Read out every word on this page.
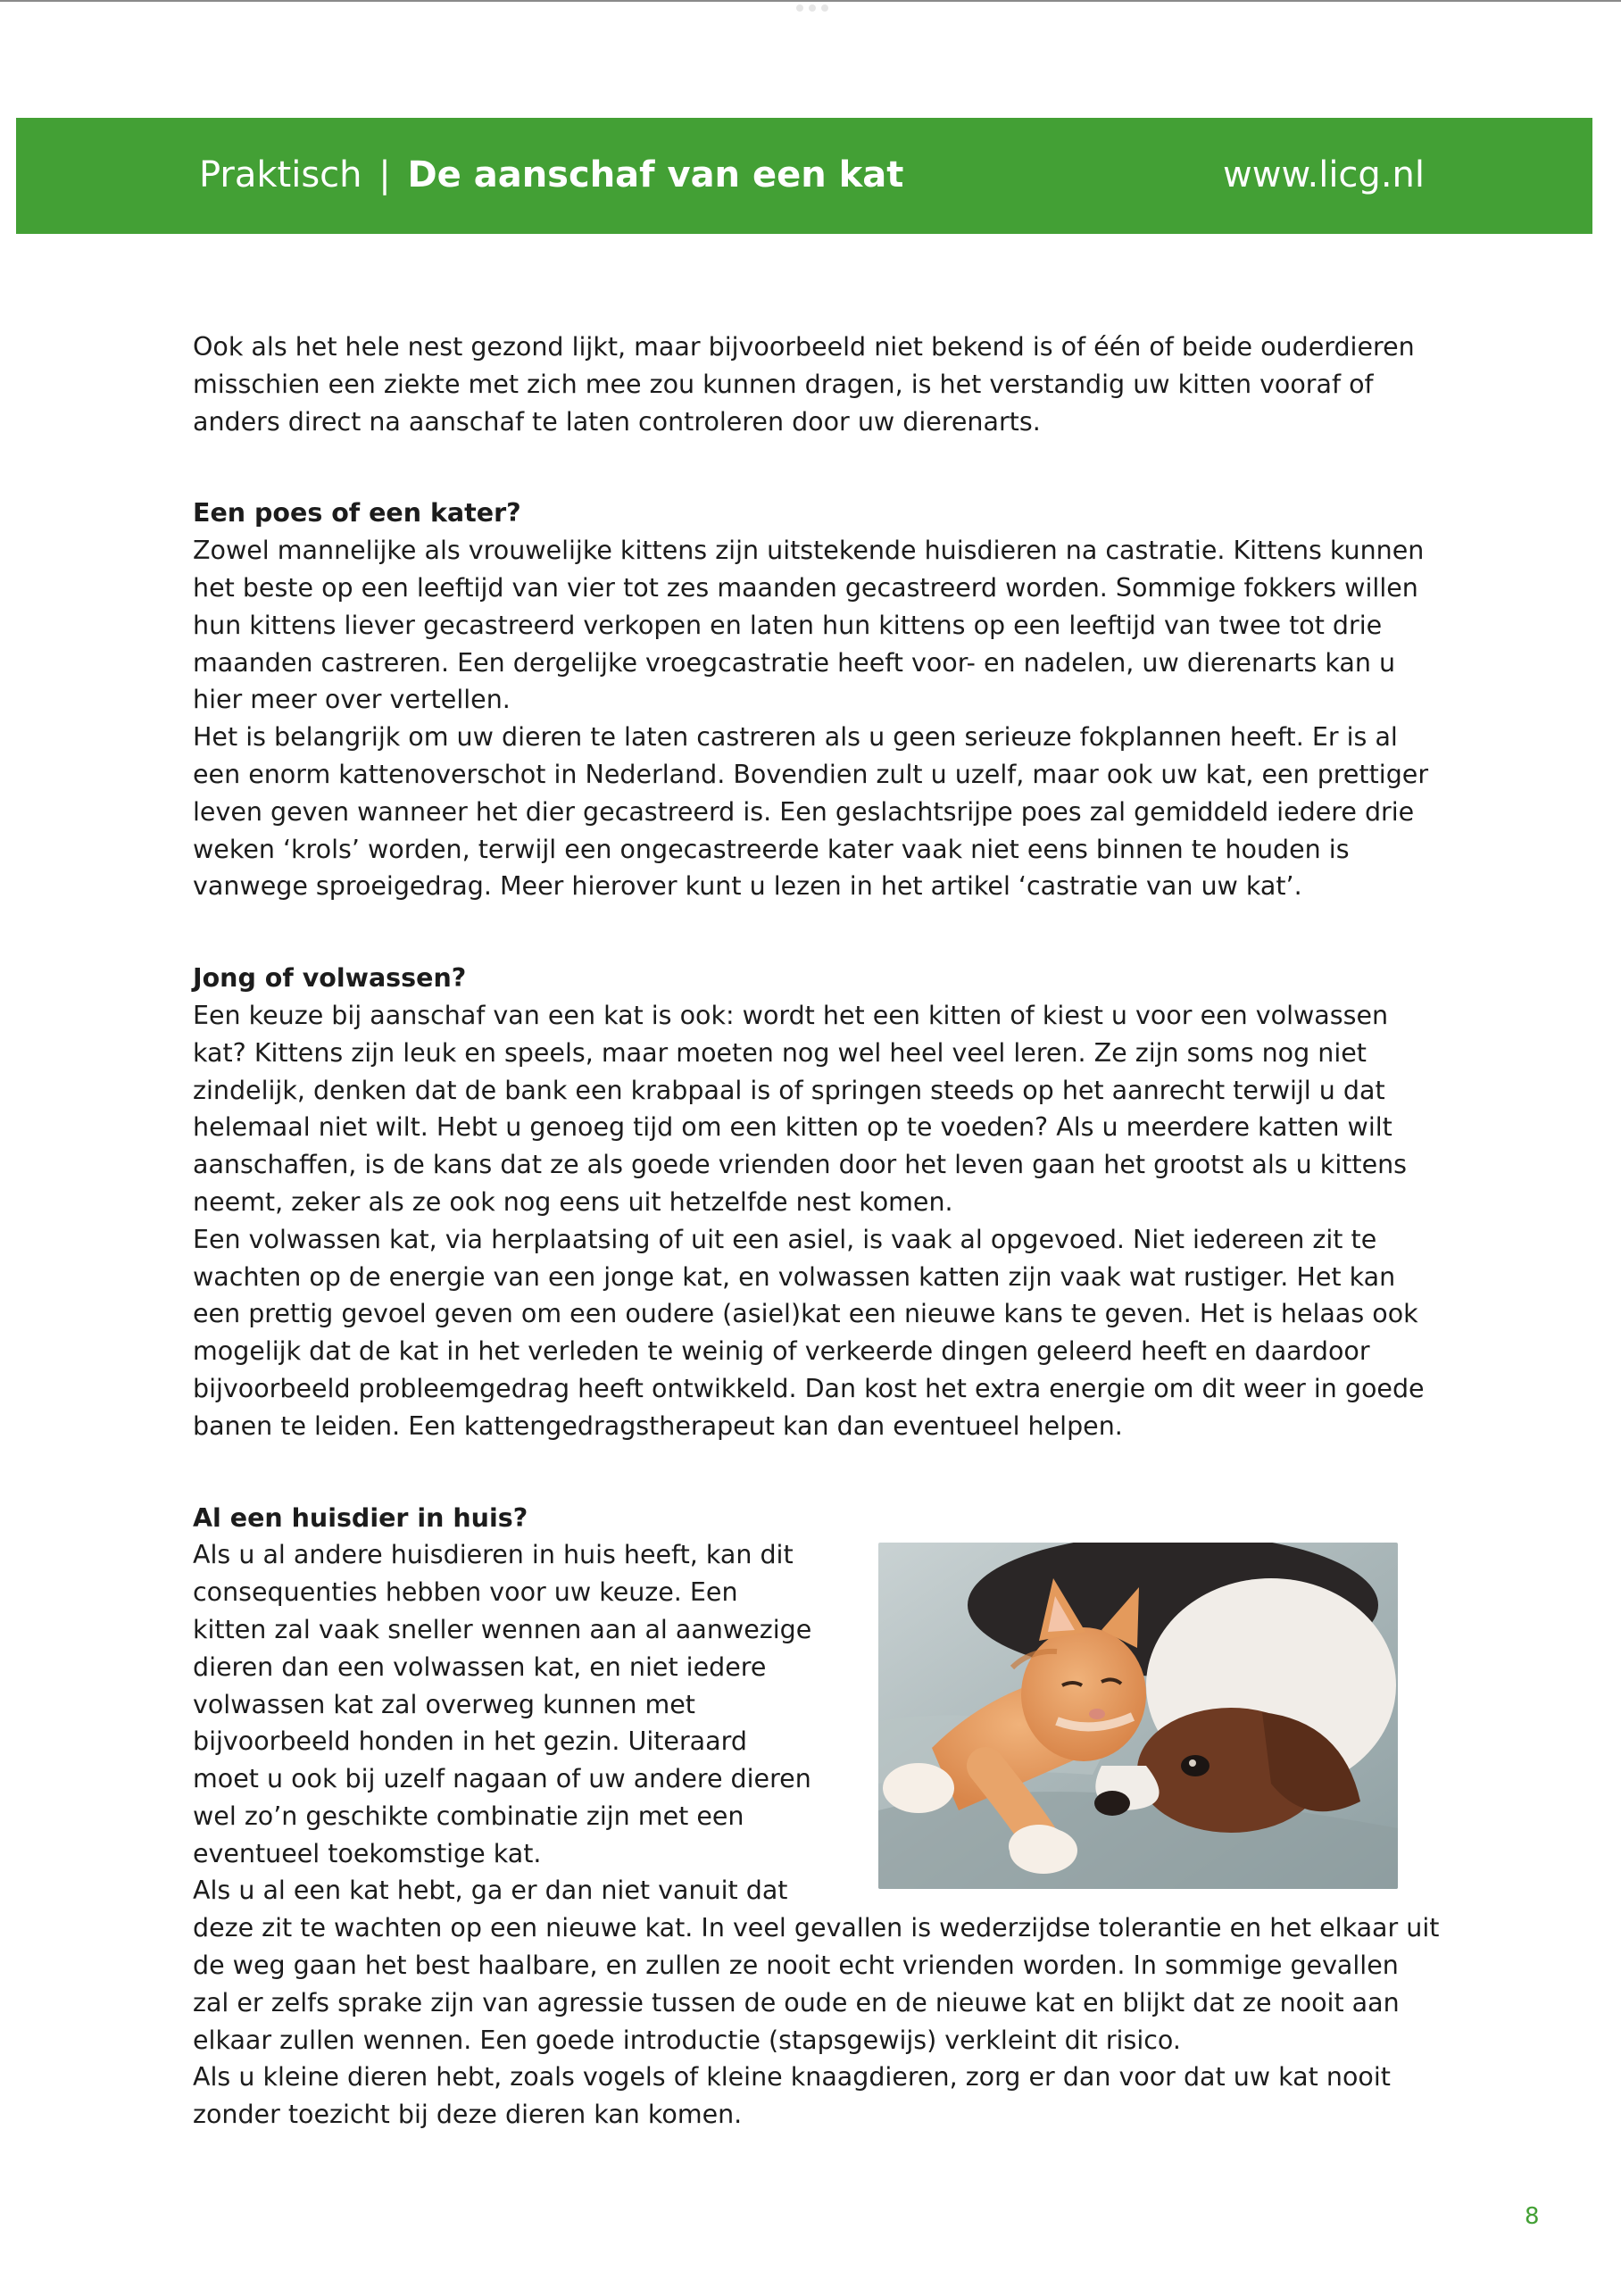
Praktisch | De aanschaf van een kat	www.licg.nl

Ook als het hele nest gezond lijkt, maar bijvoorbeeld niet bekend is of één of beide ouderdieren misschien een ziekte met zich mee zou kunnen dragen, is het verstandig uw kitten vooraf of anders direct na aanschaf te laten controleren door uw dierenarts.

Een poes of een kater?

Zowel mannelijke als vrouwelijke kittens zijn uitstekende huisdieren na castratie. Kittens kunnen het beste op een leeftijd van vier tot zes maanden gecastreerd worden. Sommige fokkers willen hun kittens liever gecastreerd verkopen en laten hun kittens op een leeftijd van twee tot drie maanden castreren. Een dergelijke vroegcastratie heeft voor- en nadelen, uw dierenarts kan u hier meer over vertellen.

Het is belangrijk om uw dieren te laten castreren als u geen serieuze fokplannen heeft. Er is al een enorm kattenoverschot in Nederland. Bovendien zult u uzelf, maar ook uw kat, een prettiger leven geven wanneer het dier gecastreerd is. Een geslachtsrijpe poes zal gemiddeld iedere drie weken ‘krols’ worden, terwijl een ongecastreerde kater vaak niet eens binnen te houden is vanwege sproeigedrag. Meer hierover kunt u lezen in het artikel ‘castratie van uw kat’.

Jong of volwassen?

Een keuze bij aanschaf van een kat is ook: wordt het een kitten of kiest u voor een volwassen kat? Kittens zijn leuk en speels, maar moeten nog wel heel veel leren. Ze zijn soms nog niet zindelijk, denken dat de bank een krabpaal is of springen steeds op het aanrecht terwijl u dat helemaal niet wilt. Hebt u genoeg tijd om een kitten op te voeden? Als u meerdere katten wilt aanschaffen, is de kans dat ze als goede vrienden door het leven gaan het grootst als u kittens neemt, zeker als ze ook nog eens uit hetzelfde nest komen.

Een volwassen kat, via herplaatsing of uit een asiel, is vaak al opgevoed. Niet iedereen zit te wachten op de energie van een jonge kat, en volwassen katten zijn vaak wat rustiger. Het kan een prettig gevoel geven om een oudere (asiel)kat een nieuwe kans te geven. Het is helaas ook mogelijk dat de kat in het verleden te weinig of verkeerde dingen geleerd heeft en daardoor bijvoorbeeld probleemgedrag heeft ontwikkeld. Dan kost het extra energie om dit weer in goede banen te leiden. Een kattengedragstherapeut kan dan eventueel helpen.

Al een huisdier in huis?

Als u al andere huisdieren in huis heeft, kan dit consequenties hebben voor uw keuze. Een kitten zal vaak sneller wennen aan al aanwezige dieren dan een volwassen kat, en niet iedere volwassen kat zal overweg kunnen met bijvoorbeeld honden in het gezin. Uiteraard moet u ook bij uzelf nagaan of uw andere dieren wel zo’n geschikte combinatie zijn met een eventueel toekomstige kat.

Als u al een kat hebt, ga er dan niet vanuit dat deze zit te wachten op een nieuwe kat. In veel gevallen is wederzijdse tolerantie en het elkaar uit de weg gaan het best haalbare, en zullen ze nooit echt vrienden worden. In sommige gevallen zal er zelfs sprake zijn van agressie tussen de oude en de nieuwe kat en blijkt dat ze nooit aan elkaar zullen wennen. Een goede introductie (stapsgewijs) verkleint dit risico.

Als u kleine dieren hebt, zoals vogels of kleine knaagdieren, zorg er dan voor dat uw kat nooit zonder toezicht bij deze dieren kan komen.

8
